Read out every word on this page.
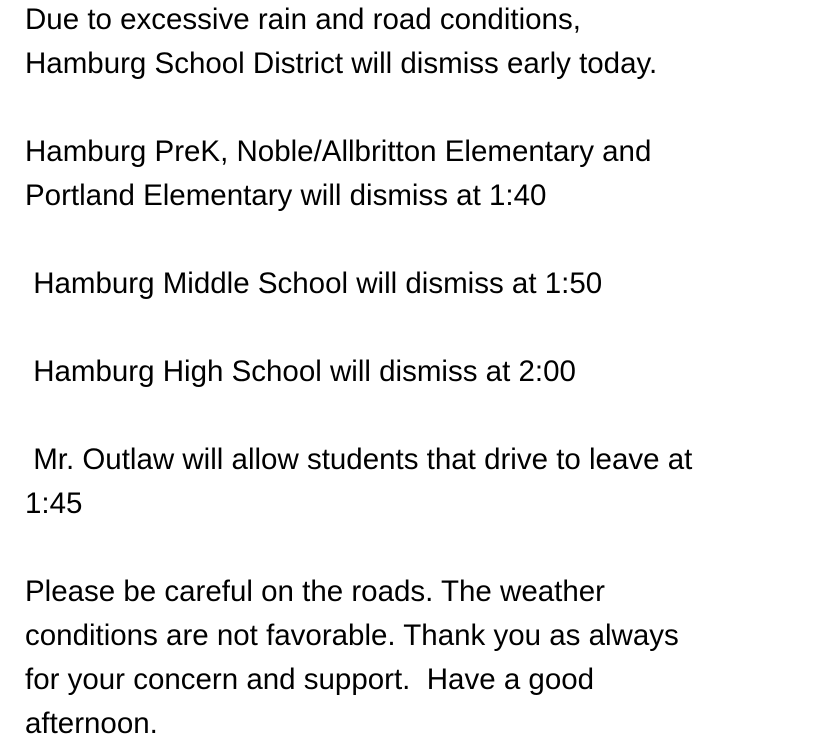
Due to excessive rain and road conditions,
Hamburg School District will dismiss early today.

Hamburg PreK, Noble/Allbritton Elementary and
Portland Elementary will dismiss at 1:40

Hamburg Middle School will dismiss at 1:50

Hamburg High School will dismiss at 2:00

Mr. Outlaw will allow students that drive to leave at
1:45

Please be careful on the roads. The weather
conditions are not favorable. Thank you as always
for your concern and support.  Have a good
afternoon.
